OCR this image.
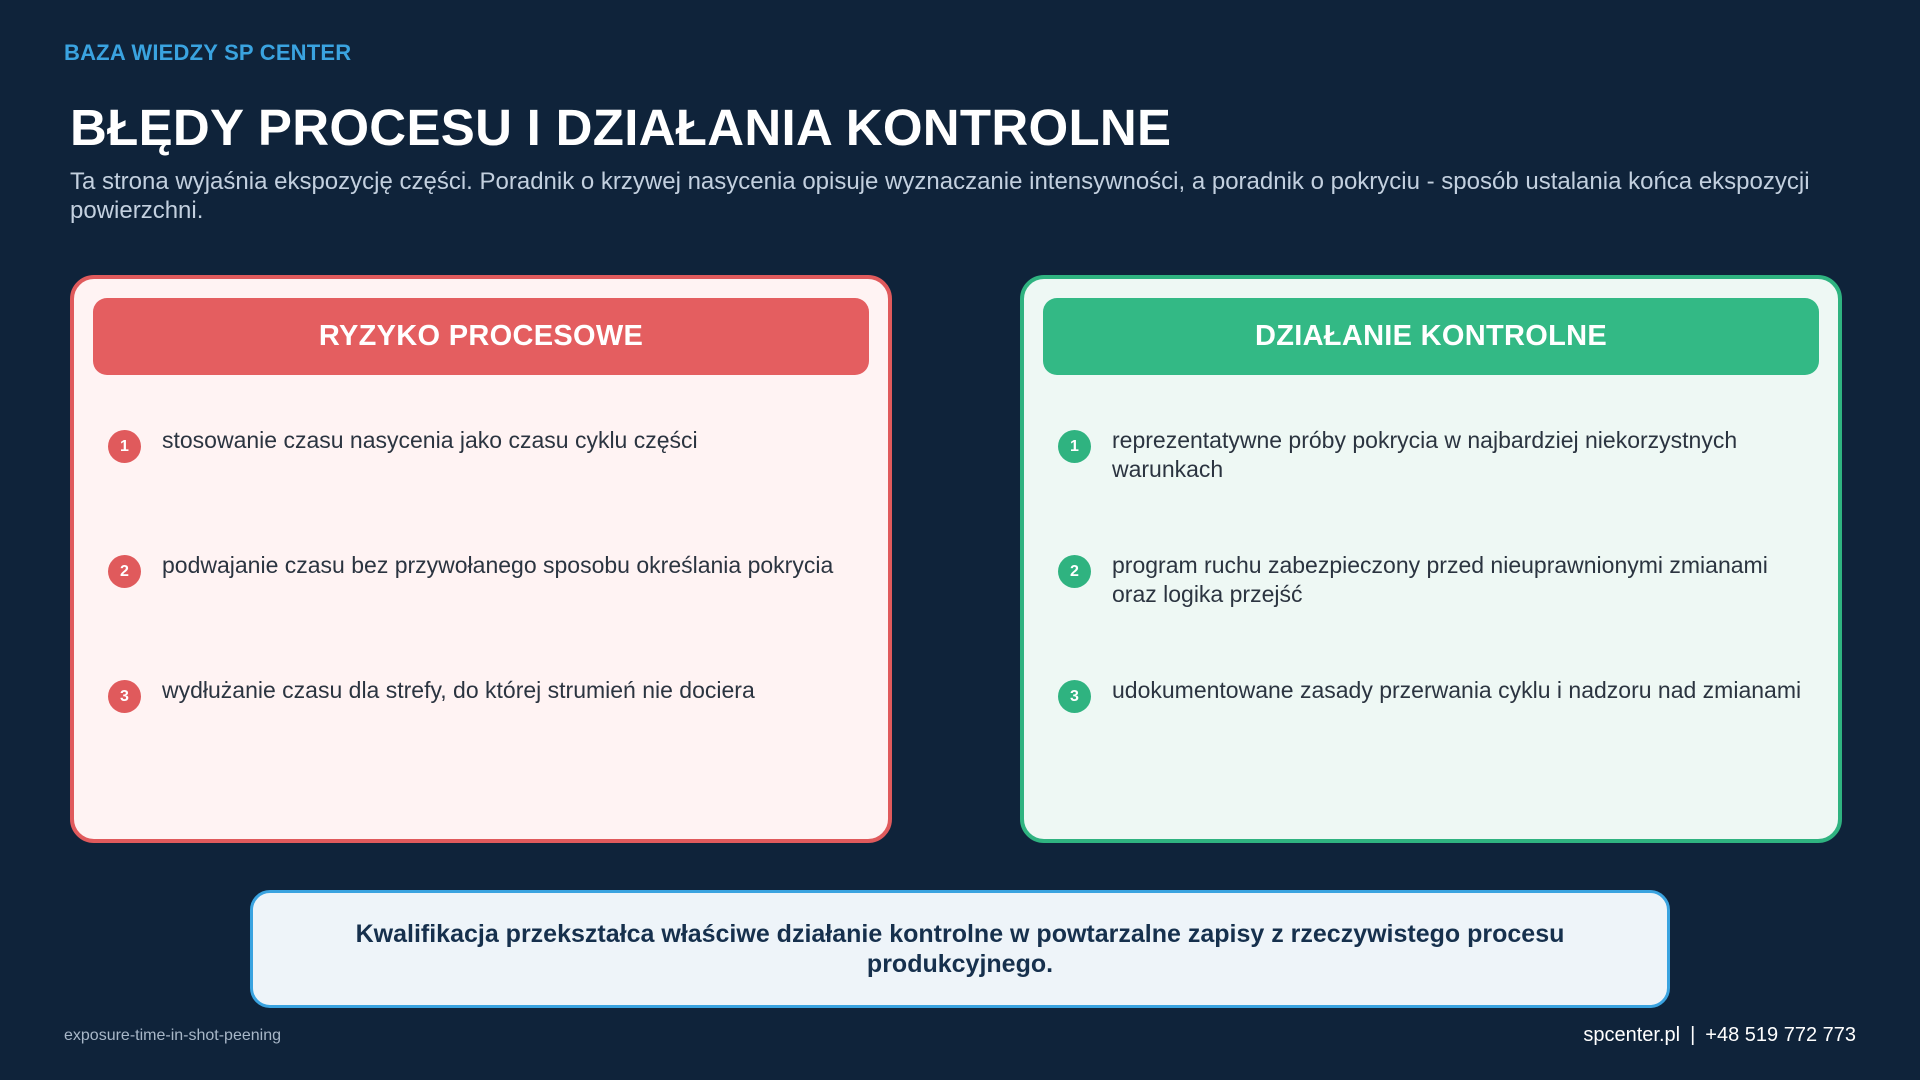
BAZA WIEDZY SP CENTER
BŁĘDY PROCESU I DZIAŁANIA KONTROLNE

Ta strona wyjaśnia ekspozycję części. Poradnik o krzywej nasycenia opisuje wyznaczanie intensywności, a poradnik o pokryciu - sposób ustalania końca ekspozycji powierzchni.

RYZYKO PROCESOWE
1	stosowanie czasu nasycenia jako czasu cyklu części
2	podwajanie czasu bez przywołanego sposobu określania pokrycia
3	wydłużanie czasu dla strefy, do której strumień nie dociera
DZIAŁANIE KONTROLNE
1	reprezentatywne próby pokrycia w najbardziej niekorzystnych warunkach
2	program ruchu zabezpieczony przed nieuprawnionymi zmianami oraz logika przejść
3	udokumentowane zasady przerwania cyklu i nadzoru nad zmianami
Kwalifikacja przekształca właściwe działanie kontrolne w powtarzalne zapisy z rzeczywistego procesu produkcyjnego.
exposure-time-in-shot-peening	spcenter.pl | +48 519 772 773
